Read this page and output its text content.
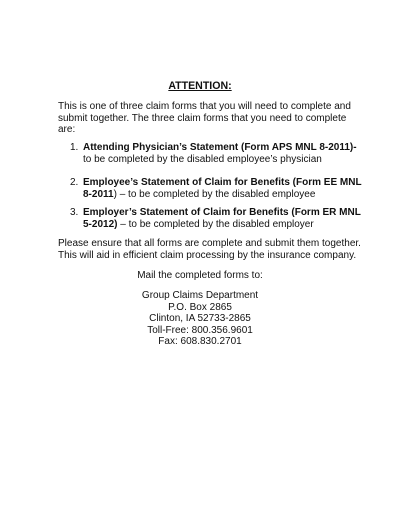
ATTENTION:

This is one of three claim forms that you will need to complete and submit together. The three claim forms that you need to complete are:

1. Attending Physician’s Statement (Form APS MNL 8-2011)- to be completed by the disabled employee’s physician
2. Employee’s Statement of Claim for Benefits (Form EE MNL 8-2011) – to be completed by the disabled employee
3. Employer’s Statement of Claim for Benefits (Form ER MNL 5-2012) – to be completed by the disabled employer

Please ensure that all forms are complete and submit them together. This will aid in efficient claim processing by the insurance company.

Mail the completed forms to:

Group Claims Department
P.O. Box 2865
Clinton, IA 52733-2865
Toll-Free: 800.356.9601
Fax: 608.830.2701
